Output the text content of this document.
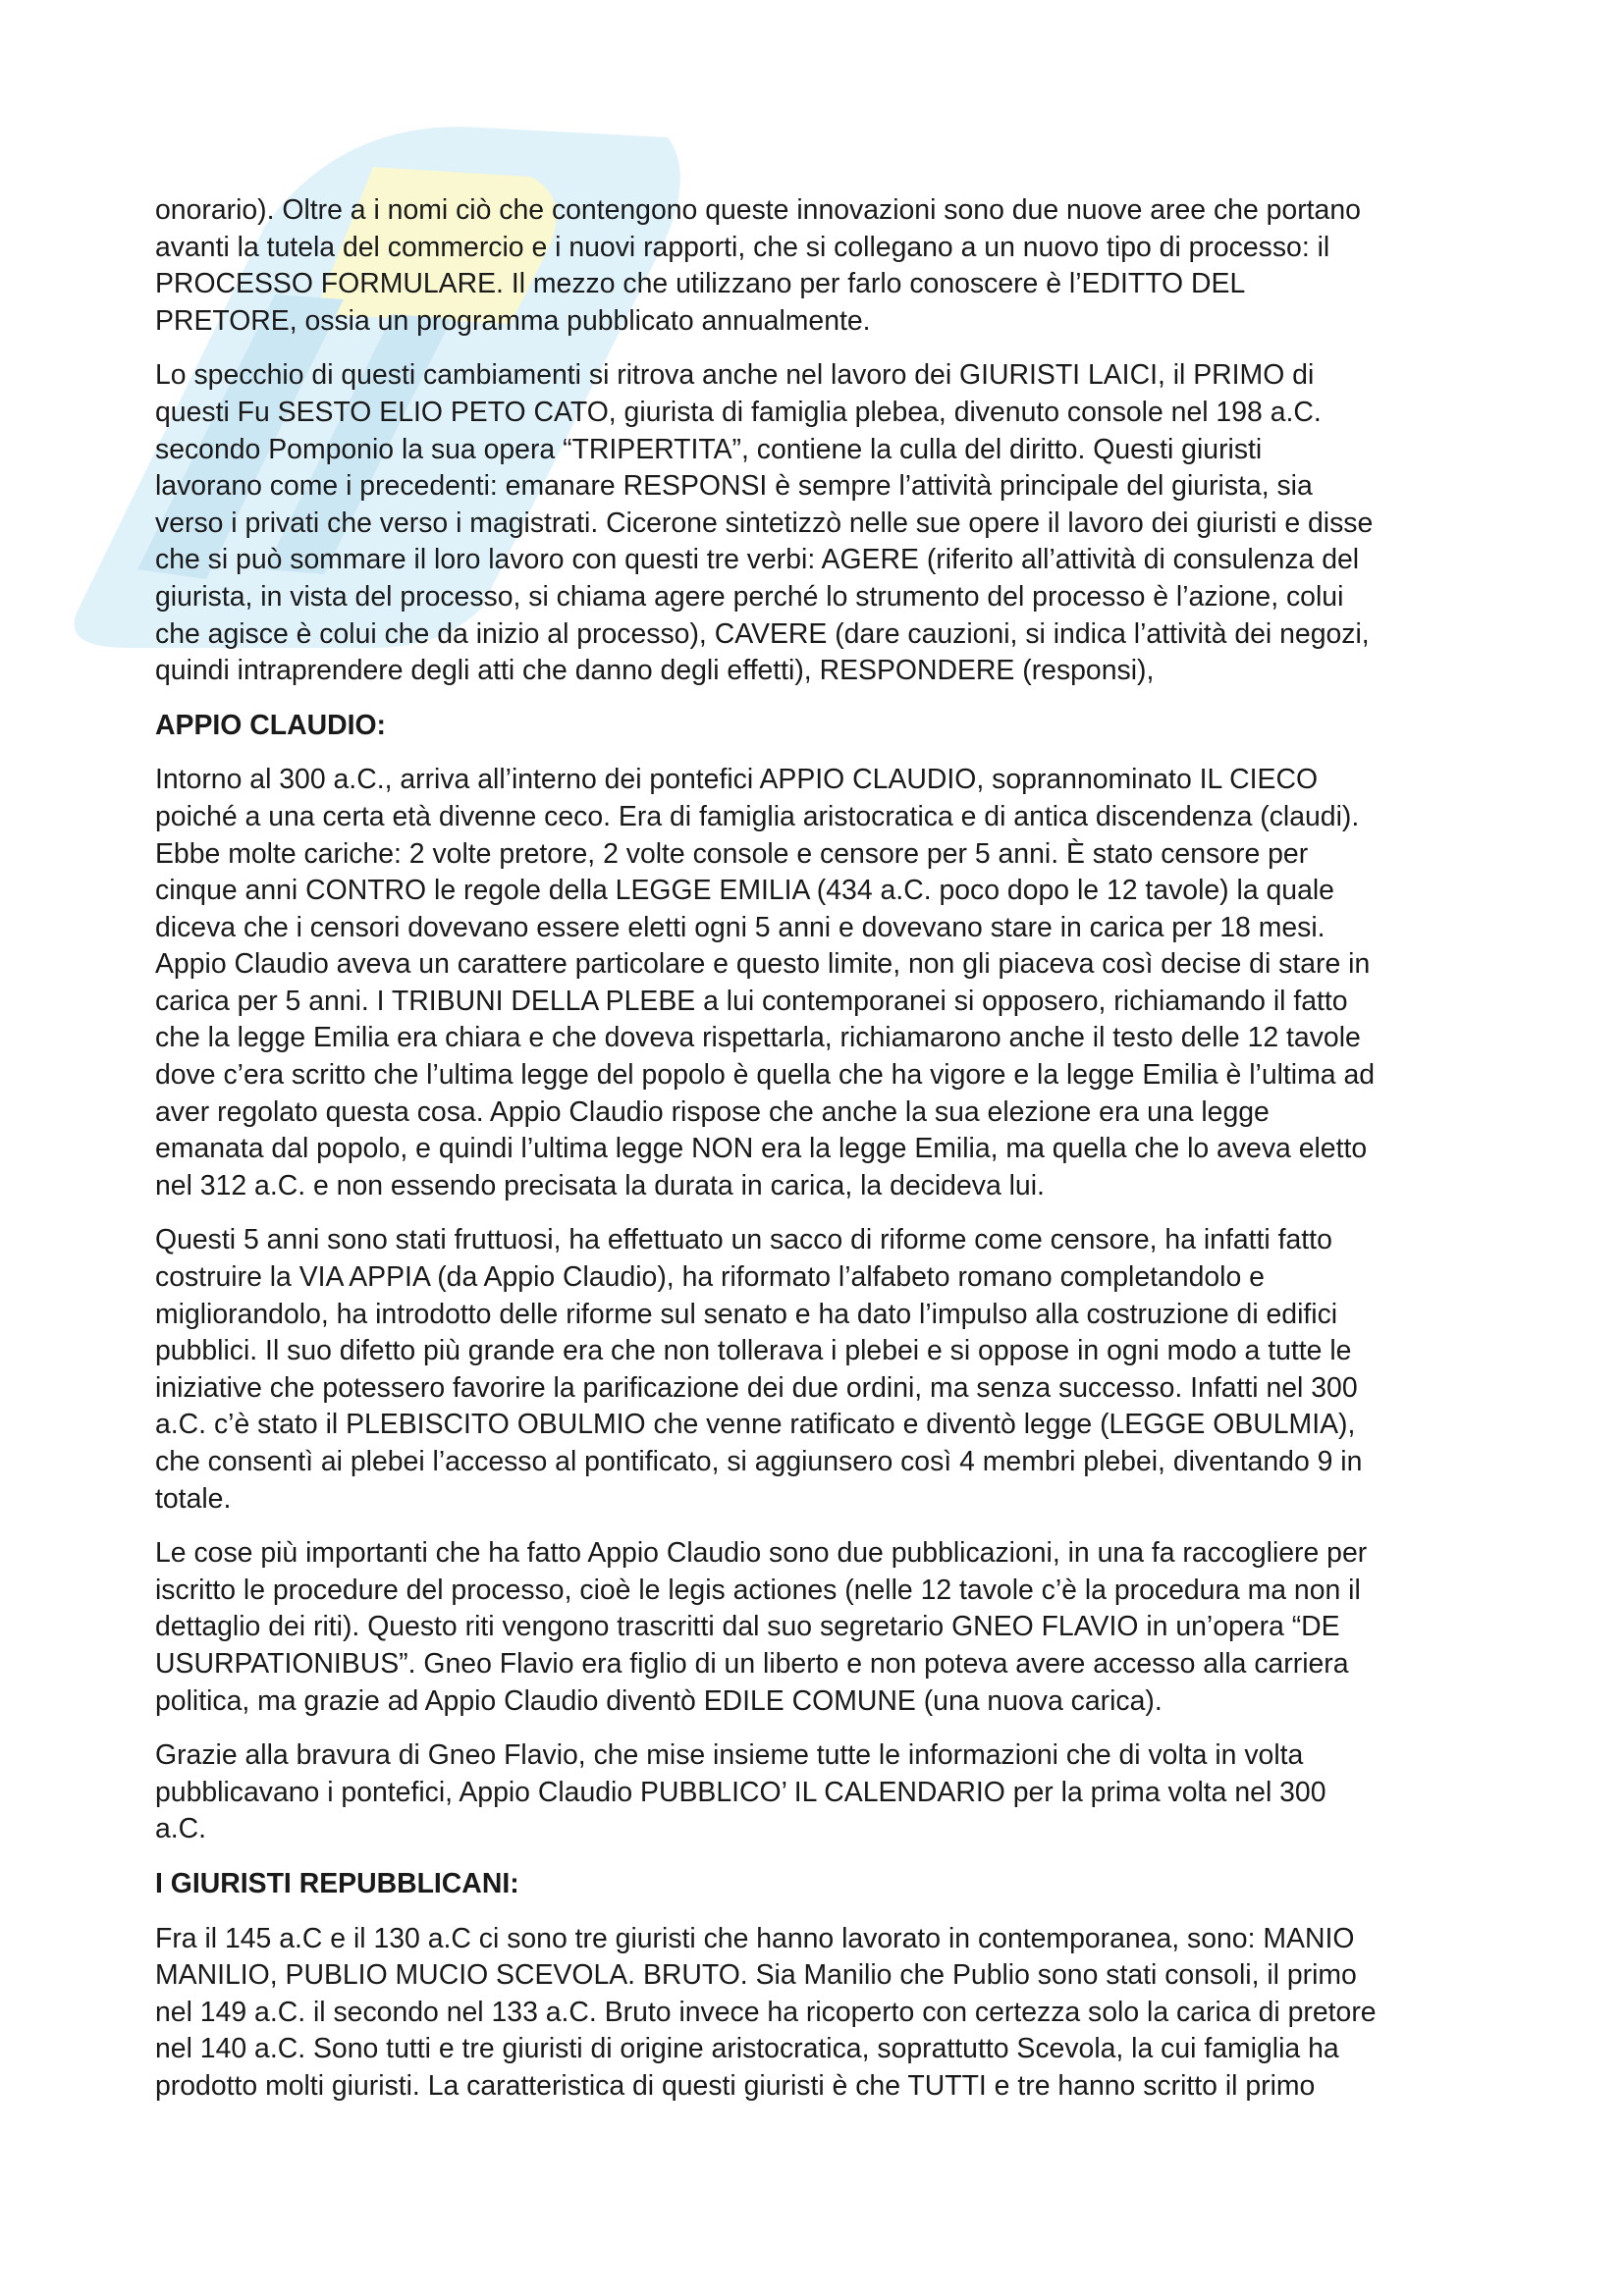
onorario). Oltre a i nomi ciò che contengono queste innovazioni sono due nuove aree che portano
avanti la tutela del commercio e i nuovi rapporti, che si collegano a un nuovo tipo di processo: il
PROCESSO FORMULARE. Il mezzo che utilizzano per farlo conoscere è l’EDITTO DEL
PRETORE, ossia un programma pubblicato annualmente.

Lo specchio di questi cambiamenti si ritrova anche nel lavoro dei GIURISTI LAICI, il PRIMO di
questi Fu SESTO ELIO PETO CATO, giurista di famiglia plebea, divenuto console nel 198 a.C.
secondo Pomponio la sua opera “TRIPERTITA”, contiene la culla del diritto. Questi giuristi
lavorano come i precedenti: emanare RESPONSI è sempre l’attività principale del giurista, sia
verso i privati che verso i magistrati. Cicerone sintetizzò nelle sue opere il lavoro dei giuristi e disse
che si può sommare il loro lavoro con questi tre verbi: AGERE (riferito all’attività di consulenza del
giurista, in vista del processo, si chiama agere perché lo strumento del processo è l’azione, colui
che agisce è colui che da inizio al processo), CAVERE (dare cauzioni, si indica l’attività dei negozi,
quindi intraprendere degli atti che danno degli effetti), RESPONDERE (responsi),

APPIO CLAUDIO:

Intorno al 300 a.C., arriva all’interno dei pontefici APPIO CLAUDIO, soprannominato IL CIECO
poiché a una certa età divenne ceco. Era di famiglia aristocratica e di antica discendenza (claudi).
Ebbe molte cariche: 2 volte pretore, 2 volte console e censore per 5 anni. È stato censore per
cinque anni CONTRO le regole della LEGGE EMILIA (434 a.C. poco dopo le 12 tavole) la quale
diceva che i censori dovevano essere eletti ogni 5 anni e dovevano stare in carica per 18 mesi.
Appio Claudio aveva un carattere particolare e questo limite, non gli piaceva così decise di stare in
carica per 5 anni. I TRIBUNI DELLA PLEBE a lui contemporanei si opposero, richiamando il fatto
che la legge Emilia era chiara e che doveva rispettarla, richiamarono anche il testo delle 12 tavole
dove c’era scritto che l’ultima legge del popolo è quella che ha vigore e la legge Emilia è l’ultima ad
aver regolato questa cosa. Appio Claudio rispose che anche la sua elezione era una legge
emanata dal popolo, e quindi l’ultima legge NON era la legge Emilia, ma quella che lo aveva eletto
nel 312 a.C. e non essendo precisata la durata in carica, la decideva lui.

Questi 5 anni sono stati fruttuosi, ha effettuato un sacco di riforme come censore, ha infatti fatto
costruire la VIA APPIA (da Appio Claudio), ha riformato l’alfabeto romano completandolo e
migliorandolo, ha introdotto delle riforme sul senato e ha dato l’impulso alla costruzione di edifici
pubblici. Il suo difetto più grande era che non tollerava i plebei e si oppose in ogni modo a tutte le
iniziative che potessero favorire la parificazione dei due ordini, ma senza successo. Infatti nel 300
a.C. c’è stato il PLEBISCITO OBULMIO che venne ratificato e diventò legge (LEGGE OBULMIA),
che consentì ai plebei l’accesso al pontificato, si aggiunsero così 4 membri plebei, diventando 9 in
totale.

Le cose più importanti che ha fatto Appio Claudio sono due pubblicazioni, in una fa raccogliere per
iscritto le procedure del processo, cioè le legis actiones (nelle 12 tavole c’è la procedura ma non il
dettaglio dei riti). Questo riti vengono trascritti dal suo segretario GNEO FLAVIO in un’opera “DE
USURPATIONIBUS”. Gneo Flavio era figlio di un liberto e non poteva avere accesso alla carriera
politica, ma grazie ad Appio Claudio diventò EDILE COMUNE (una nuova carica).

Grazie alla bravura di Gneo Flavio, che mise insieme tutte le informazioni che di volta in volta
pubblicavano i pontefici, Appio Claudio PUBBLICO’ IL CALENDARIO per la prima volta nel 300
a.C.

I GIURISTI REPUBBLICANI:

Fra il 145 a.C e il 130 a.C ci sono tre giuristi che hanno lavorato in contemporanea, sono: MANIO
MANILIO, PUBLIO MUCIO SCEVOLA. BRUTO. Sia Manilio che Publio sono stati consoli, il primo
nel 149 a.C. il secondo nel 133 a.C. Bruto invece ha ricoperto con certezza solo la carica di pretore
nel 140 a.C. Sono tutti e tre giuristi di origine aristocratica, soprattutto Scevola, la cui famiglia ha
prodotto molti giuristi. La caratteristica di questi giuristi è che TUTTI e tre hanno scritto il primo
